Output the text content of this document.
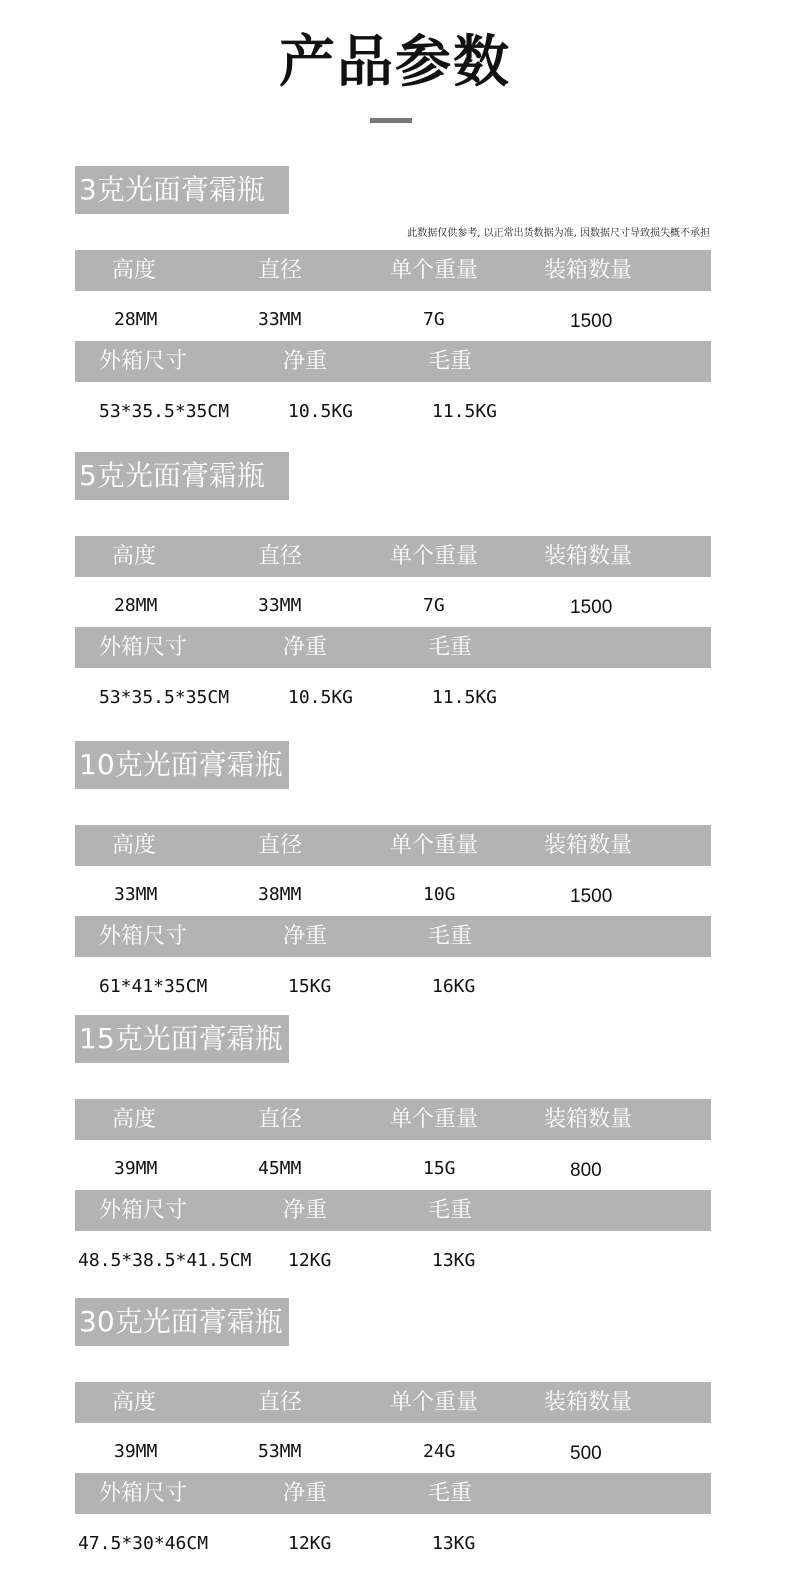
产品参数
3克光面膏霜瓶
此数据仅供参考, 以正常出货数据为准, 因数据尺寸导致损失概不承担
高度	直径	单个重量	装箱数量
28MM	33MM	7G	1500
外箱尺寸	净重	毛重
53*35.5*35CM	10.5KG	11.5KG
5克光面膏霜瓶
高度	直径	单个重量	装箱数量
28MM	33MM	7G	1500
外箱尺寸	净重	毛重
53*35.5*35CM	10.5KG	11.5KG
10克光面膏霜瓶
高度	直径	单个重量	装箱数量
33MM	38MM	10G	1500
外箱尺寸	净重	毛重
61*41*35CM	15KG	16KG
15克光面膏霜瓶
高度	直径	单个重量	装箱数量
39MM	45MM	15G	800
外箱尺寸	净重	毛重
48.5*38.5*41.5CM 12KG	13KG
30克光面膏霜瓶
高度	直径	单个重量	装箱数量
39MM	53MM	24G	500
外箱尺寸	净重	毛重
47.5*30*46CM	12KG	13KG
